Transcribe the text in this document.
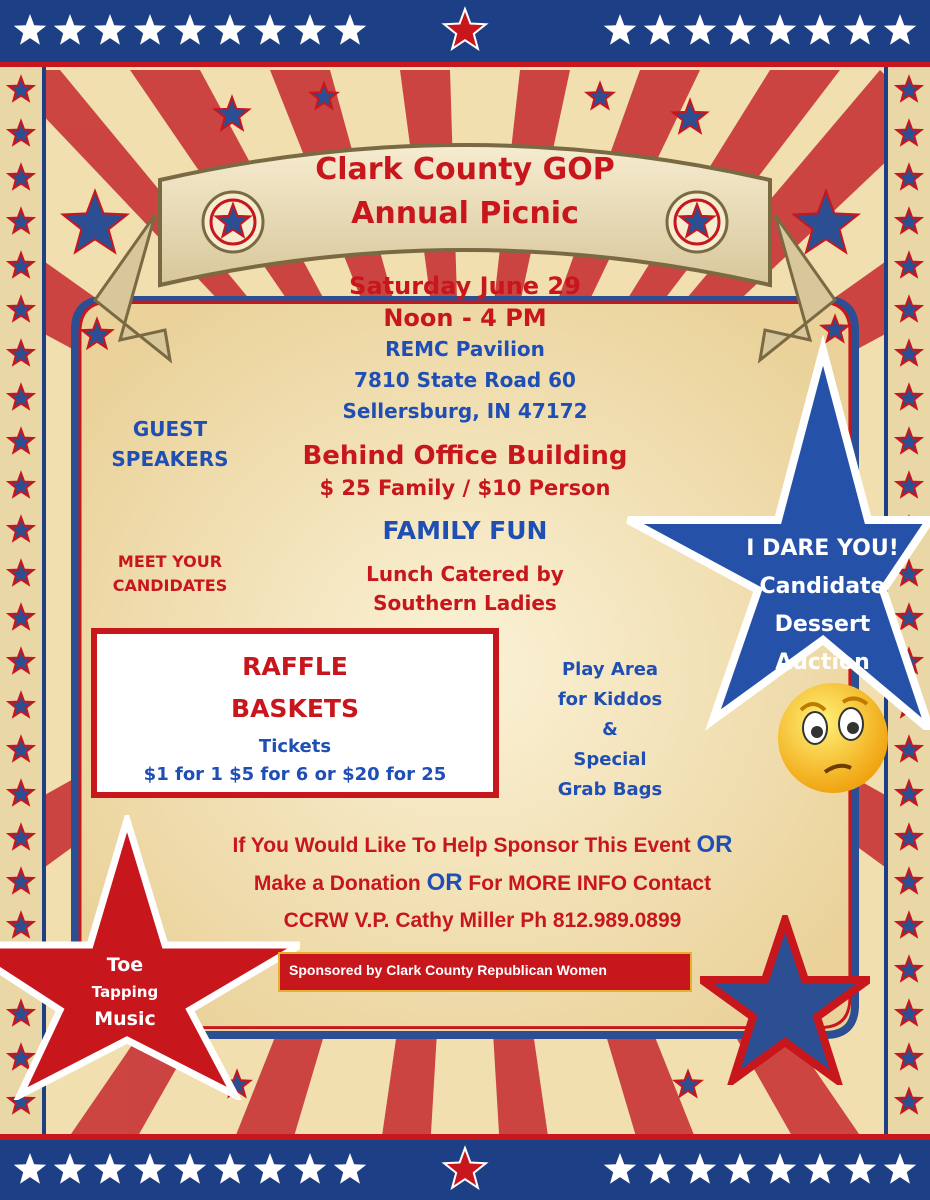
Clark County GOP
Annual Picnic
Saturday June 29
Noon - 4 PM
REMC Pavilion
7810 State Road 60
Sellersburg, IN 47172
Behind Office Building
$ 25 Family / $10 Person
FAMILY FUN
Lunch Catered by
Southern Ladies
GUEST
SPEAKERS
MEET YOUR
CANDIDATES
RAFFLE
BASKETS
Tickets
$1 for 1 $5 for 6 or $20 for 25
Play Area
for Kiddos
&
Special
Grab Bags
I DARE YOU!
Candidate
Dessert
Auction
If You Would Like To Help Sponsor This Event OR
Make a Donation OR For MORE INFO Contact
CCRW V.P. Cathy Miller Ph 812.989.0899
Sponsored by Clark County Republican Women
Toe
Tapping
Music
